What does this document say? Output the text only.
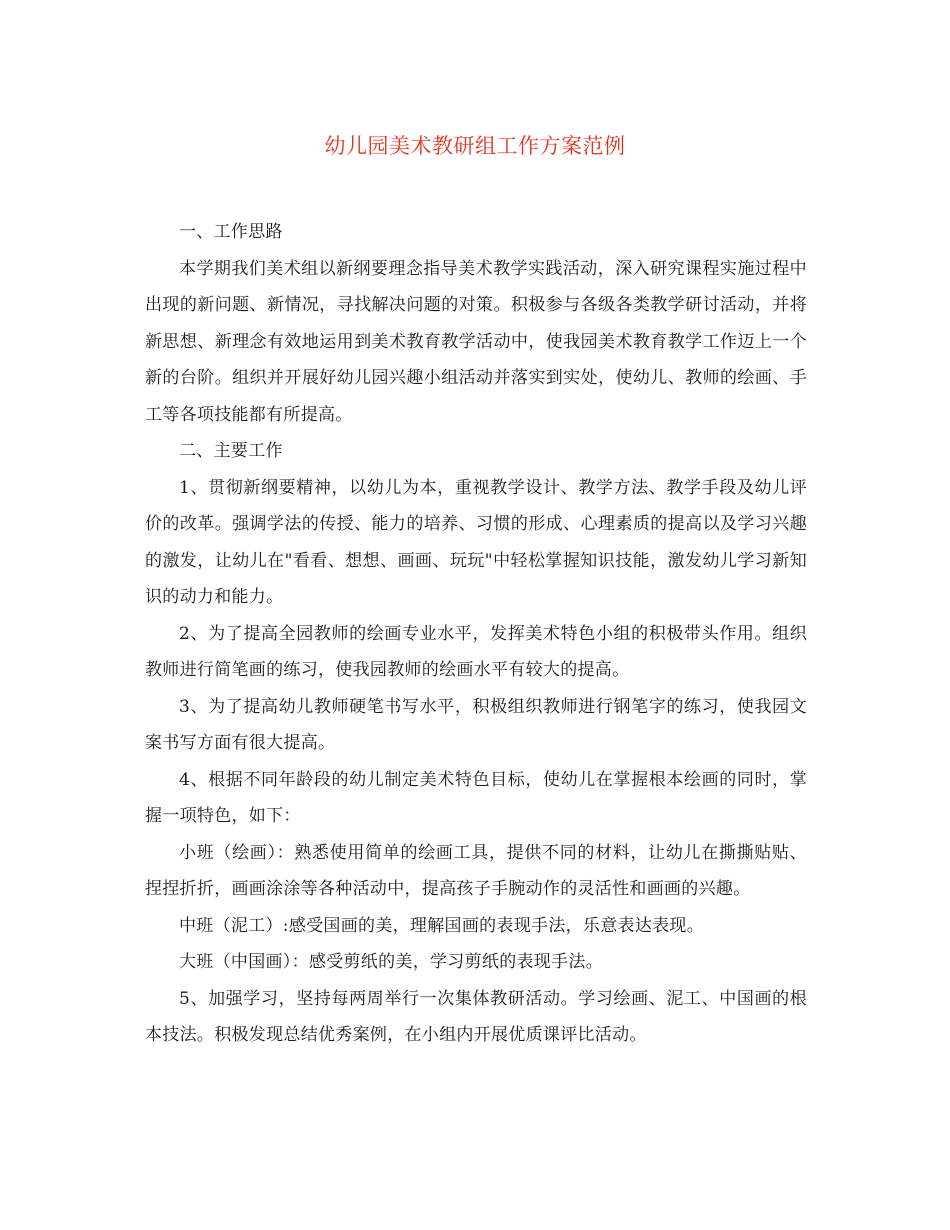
幼儿园美术教研组工作方案范例

一、工作思路

本学期我们美术组以新纲要理念指导美术教学实践活动，深入研究课程实施过程中出现的新问题、新情况，寻找解决问题的对策。积极参与各级各类教学研讨活动，并将新思想、新理念有效地运用到美术教育教学活动中，使我园美术教育教学工作迈上一个新的台阶。组织并开展好幼儿园兴趣小组活动并落实到实处，使幼儿、教师的绘画、手工等各项技能都有所提高。

二、主要工作

1、贯彻新纲要精神，以幼儿为本，重视教学设计、教学方法、教学手段及幼儿评价的改革。强调学法的传授、能力的培养、习惯的形成、心理素质的提高以及学习兴趣的激发，让幼儿在"看看、想想、画画、玩玩"中轻松掌握知识技能，激发幼儿学习新知识的动力和能力。

2、为了提高全园教师的绘画专业水平，发挥美术特色小组的积极带头作用。组织教师进行简笔画的练习，使我园教师的绘画水平有较大的提高。

3、为了提高幼儿教师硬笔书写水平，积极组织教师进行钢笔字的练习，使我园文案书写方面有很大提高。

4、根据不同年龄段的幼儿制定美术特色目标，使幼儿在掌握根本绘画的同时，掌握一项特色，如下：

小班（绘画）：熟悉使用简单的绘画工具，提供不同的材料，让幼儿在撕撕贴贴、捏捏折折，画画涂涂等各种活动中，提高孩子手腕动作的灵活性和画画的兴趣。

中班（泥工）:感受国画的美，理解国画的表现手法，乐意表达表现。

大班（中国画）：感受剪纸的美，学习剪纸的表现手法。

5、加强学习，坚持每两周举行一次集体教研活动。学习绘画、泥工、中国画的根本技法。积极发现总结优秀案例，在小组内开展优质课评比活动。
